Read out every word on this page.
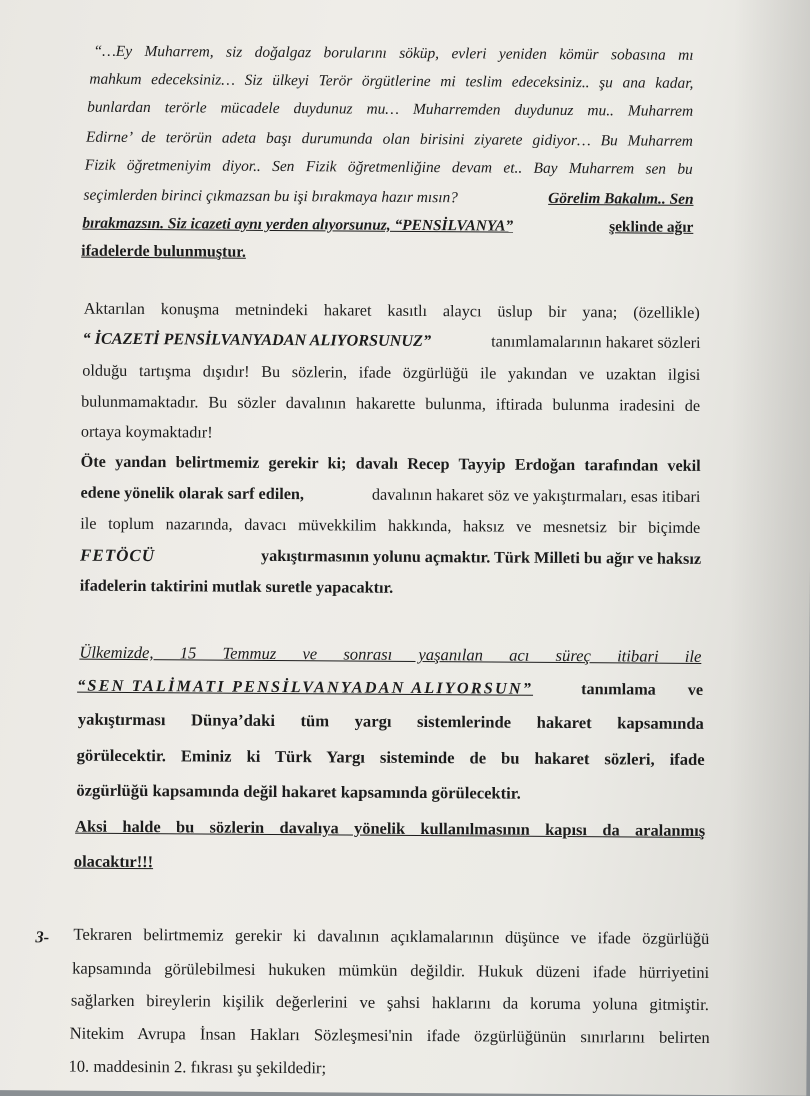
“…Ey Muharrem, siz doğalgaz borularını söküp, evleri yeniden kömür sobasına mı
mahkum edeceksiniz… Siz ülkeyi Terör örgütlerine mi teslim edeceksiniz.. şu ana kadar,
bunlardan terörle mücadele duydunuz mu… Muharremden duydunuz mu.. Muharrem
Edirne’ de terörün adeta başı durumunda olan birisini ziyarete gidiyor… Bu Muharrem
Fizik öğretmeniyim diyor.. Sen Fizik öğretmenliğine devam et.. Bay Muharrem sen bu
seçimlerden birinci çıkmazsan bu işi bırakmaya hazır mısın?	Görelim Bakalım.. Sen
bırakmazsın. Siz icazeti aynı yerden alıyorsunuz, “PENSİLVANYA”	şeklinde ağır
ifadelerde bulunmuştur.
Aktarılan konuşma metnindeki hakaret kasıtlı alaycı üslup bir yana; (özellikle)
“ İCAZETİ PENSİLVANYADAN ALIYORSUNUZ”	tanımlamalarının hakaret sözleri
olduğu tartışma dışıdır! Bu sözlerin, ifade özgürlüğü ile yakından ve uzaktan ilgisi
bulunmamaktadır. Bu sözler davalının hakarette bulunma, iftirada bulunma iradesini de
ortaya koymaktadır!
Öte yandan belirtmemiz gerekir ki; davalı Recep Tayyip Erdoğan tarafından vekil
edene yönelik olarak sarf edilen,	davalının hakaret söz ve yakıştırmaları, esas itibari
ile toplum nazarında, davacı müvekkilim hakkında, haksız ve mesnetsiz bir biçimde
FETÖCÜ	yakıştırmasının yolunu açmaktır. Türk Milleti bu ağır ve haksız
ifadelerin taktirini mutlak suretle yapacaktır.
Ülkemizde, 15 Temmuz ve sonrası yaşanılan acı süreç itibari ile
“SEN TALİMATI PENSİLVANYADAN ALIYORSUN”	tanımlama ve
yakıştırması Dünya’daki tüm yargı sistemlerinde hakaret kapsamında
görülecektir. Eminiz ki Türk Yargı sisteminde de bu hakaret sözleri, ifade
özgürlüğü kapsamında değil hakaret kapsamında görülecektir.
Aksi halde bu sözlerin davalıya yönelik kullanılmasının kapısı da aralanmış
olacaktır!!!
3- Tekraren belirtmemiz gerekir ki davalının açıklamalarının düşünce ve ifade özgürlüğü
kapsamında görülebilmesi hukuken mümkün değildir. Hukuk düzeni ifade hürriyetini
sağlarken bireylerin kişilik değerlerini ve şahsi haklarını da koruma yoluna gitmiştir.
Nitekim Avrupa İnsan Hakları Sözleşmesi'nin ifade özgürlüğünün sınırlarını belirten
10. maddesinin 2. fıkrası şu şekildedir;
